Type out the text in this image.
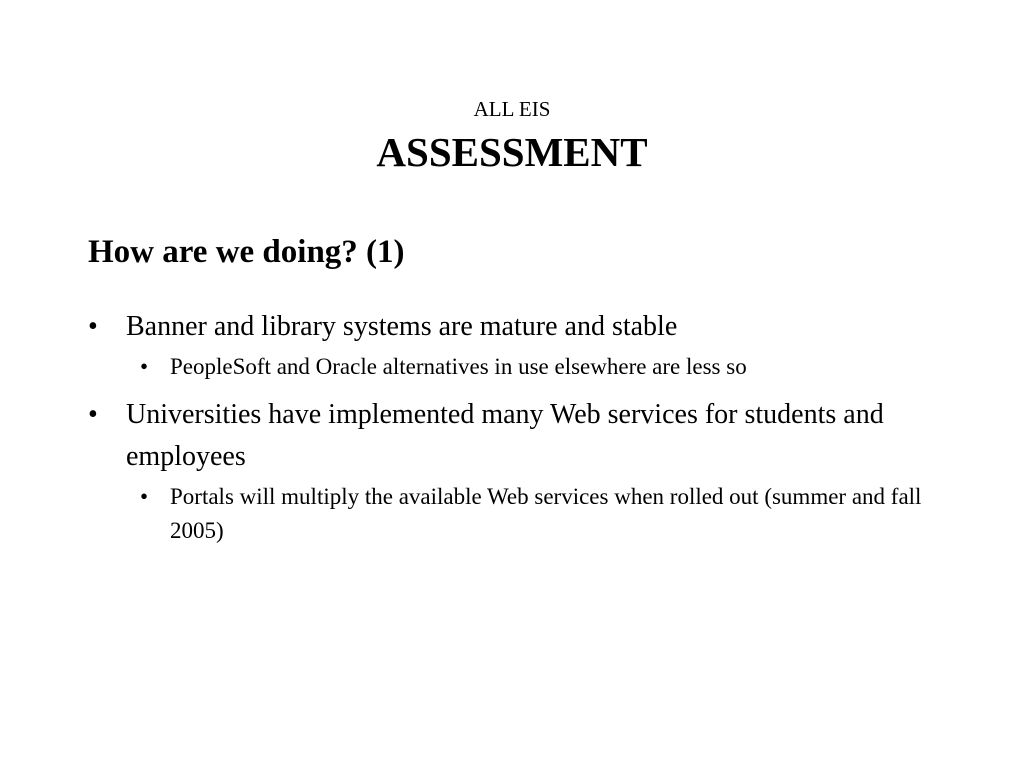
ALL EIS
ASSESSMENT
How are we doing? (1)
• Banner and library systems are mature and stable
• PeopleSoft and Oracle alternatives in use elsewhere are less so
• Universities have implemented many Web services for students and employees
• Portals will multiply the available Web services when rolled out (summer and fall 2005)
